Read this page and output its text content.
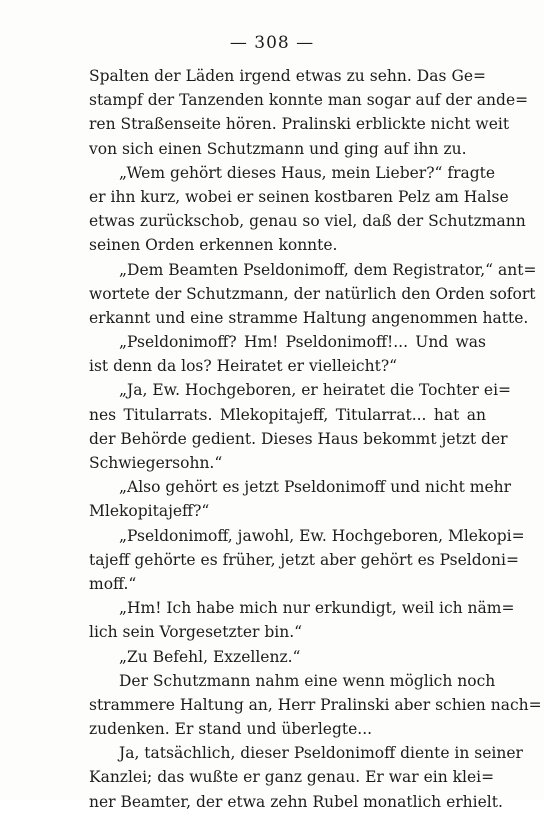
— 308 —
Spalten der Läden irgend etwas zu sehn. Das Ge=
stampf der Tanzenden konnte man sogar auf der ande=
ren Straßenseite hören. Pralinski erblickte nicht weit
von sich einen Schutzmann und ging auf ihn zu.
„Wem gehört dieses Haus, mein Lieber?“ fragte
er ihn kurz, wobei er seinen kostbaren Pelz am Halse
etwas zurückschob, genau so viel, daß der Schutzmann
seinen Orden erkennen konnte.
„Dem Beamten Pseldonimoff, dem Registrator,“ ant=
wortete der Schutzmann, der natürlich den Orden sofort
erkannt und eine stramme Haltung angenommen hatte.
„Pseldonimoff? Hm! Pseldonimoff!... Und was
ist denn da los? Heiratet er vielleicht?“
„Ja, Ew. Hochgeboren, er heiratet die Tochter ei=
nes Titularrats. Mlekopitajeff, Titularrat... hat an
der Behörde gedient. Dieses Haus bekommt jetzt der
Schwiegersohn.“
„Also gehört es jetzt Pseldonimoff und nicht mehr
Mlekopitajeff?“
„Pseldonimoff, jawohl, Ew. Hochgeboren, Mlekopi=
tajeff gehörte es früher, jetzt aber gehört es Pseldoni=
moff.“
„Hm! Ich habe mich nur erkundigt, weil ich näm=
lich sein Vorgesetzter bin.“
„Zu Befehl, Exzellenz.“
Der Schutzmann nahm eine wenn möglich noch
strammere Haltung an, Herr Pralinski aber schien nach=
zudenken. Er stand und überlegte...
Ja, tatsächlich, dieser Pseldonimoff diente in seiner
Kanzlei; das wußte er ganz genau. Er war ein klei=
ner Beamter, der etwa zehn Rubel monatlich erhielt.
